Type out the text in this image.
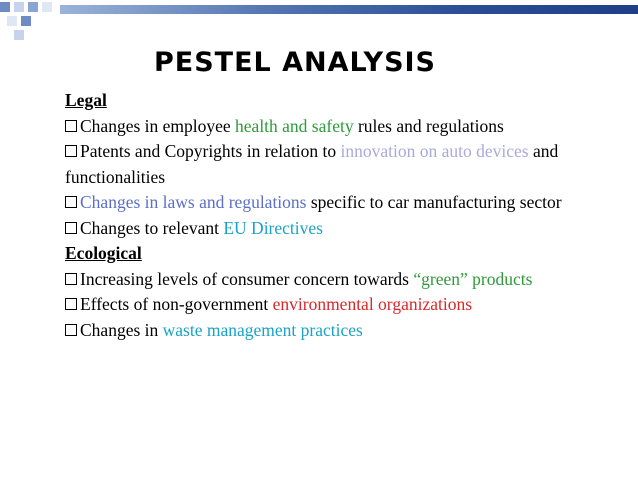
PESTEL ANALYSIS
Legal
Changes in employee health and safety rules and regulations
Patents and Copyrights in relation to innovation on auto devices and functionalities
Changes in laws and regulations specific to car manufacturing sector
Changes to relevant EU Directives
Ecological
Increasing levels of consumer concern towards “green” products
Effects of non-government environmental organizations
Changes in waste management practices
